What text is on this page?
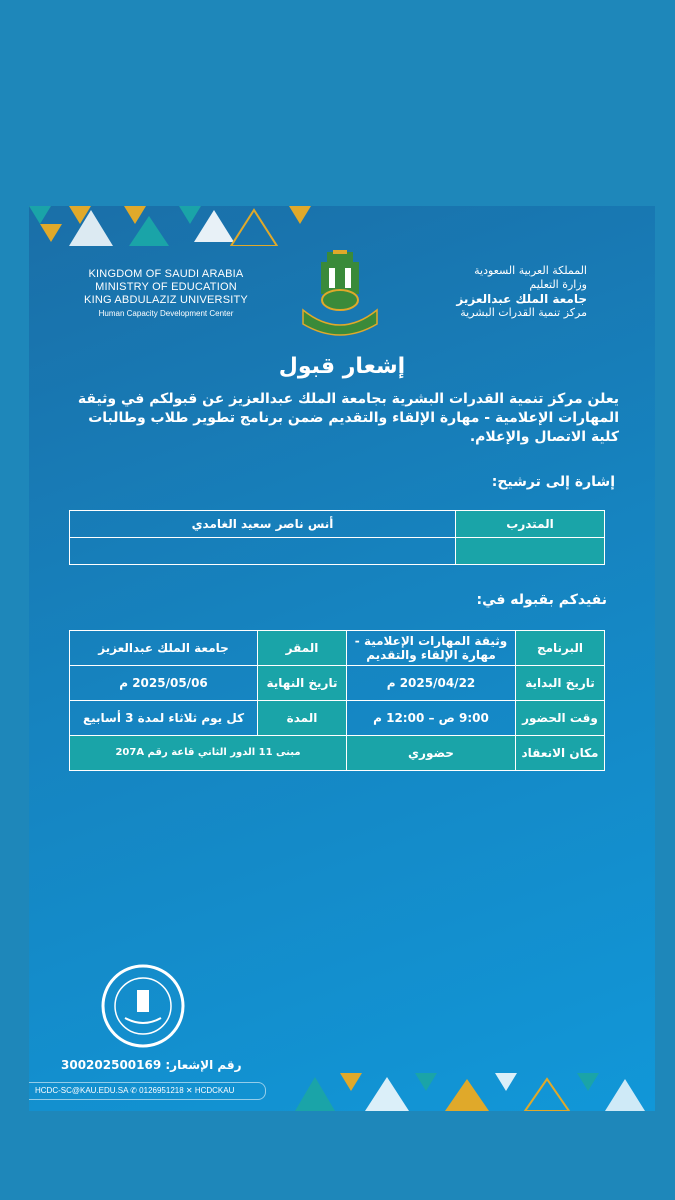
KINGDOM OF SAUDI ARABIA
MINISTRY OF EDUCATION
KING ABDULAZIZ UNIVERSITY
Human Capacity Development Center
المملكة العربية السعودية
وزارة التعليم
جامعة الملك عبدالعزيز
مركز تنمية القدرات البشرية
إشعار قبول
يعلن مركز تنمية القدرات البشرية بجامعة الملك عبدالعزيز عن قبولكم في وثيقة المهارات الإعلامية - مهارة الإلقاء والتقديم ضمن برنامج تطوير طلاب وطالبات كلية الاتصال والإعلام.
إشارة إلى ترشيح:
المتدرب	أنس ناصر سعيد الغامدي

نفيدكم بقبوله في:
البرنامج	وثيقة المهارات الإعلامية - مهارة الإلقاء والتقديم	المقر	جامعة الملك عبدالعزيز
تاريخ البداية	2025/04/22 م	تاريخ النهاية	2025/05/06 م
وقت الحضور	9:00 ص – 12:00 م	المدة	كل يوم ثلاثاء لمدة 3 أسابيع
مكان الانعقاد	حضوري	مبنى 11 الدور الثاني قاعة رقم 207A	
رقم الإشعار: 300202500169
HCDC-SC@KAU.EDU.SA ✆ 0126951218 ✕ HCDCKAU
